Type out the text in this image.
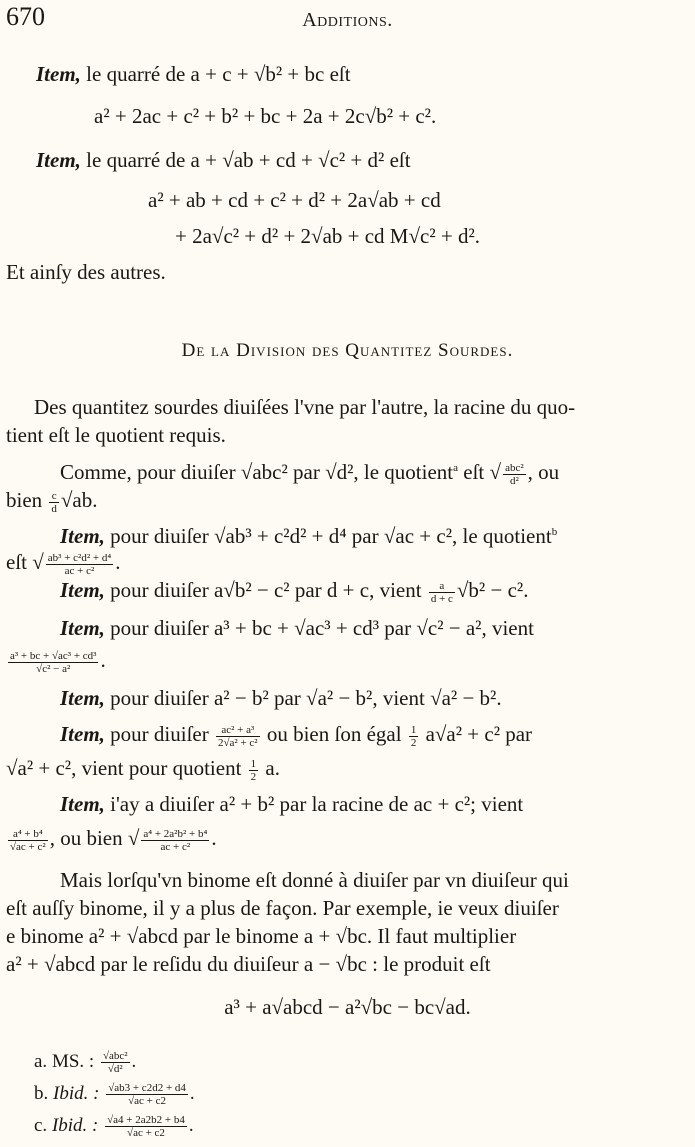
670	Additions.
Item, le quarré de a + c + √b² + bc eſt
a² + 2ac + c² + b² + bc + 2a + 2c√b² + c².
Item, le quarré de a + √ab + cd + √c² + d² eſt
a² + ab + cd + c² + d² + 2a√ab + cd
+ 2a√c² + d² + 2√ab + cd M√c² + d².
Et ainſy des autres.
De la Division des Quantitez Sourdes.
Des quantitez sourdes diuiſées l'vne par l'autre, la racine du quo-
tient eſt le quotient requis.
Comme, pour diuiſer √abc² par √d², le quotient$^a$ eſt √ abc²
d² , ou
bien $\frac{c}{d} √ab$.
Item, pour diuiſer √ab³ + c²d² + d⁴ par √ac + c², le quotient$^b$
eſt √ $\frac{\text{ab³ + c²d² + d⁴}}{\text{ac + c²}}$ .
Item, pour diuiſer a√b² − c² par d + c, vient $\frac{a}{d + c} √b^2 - c^2$.
Item, pour diuiſer a³ + bc + √ac³ + cd³ par √c² − a², vient
$\frac{\text{a³ + bc + √ac³ + cd³}}{\text{√c² − a²}}$ .
Item, pour diuiſer a² − b² par √a² − b², vient √a² − b².
Item, pour diuiſer $\frac{\text{ac² + a³}}{\text{2√a² + c²}}$ ou bien ſon égal $\frac{1}{2} a√a^2 + c^2$ par
√a² + c², vient pour quotient $\frac{1}{2} a$.
Item, i'ay a diuiſer a² + b² par la racine de ac + c²; vient
$\frac{\text{a⁴ + b⁴}}{\text{√ac + c²}}$ , ou bien √ $\frac{\text{a⁴ + 2a²b² + b⁴}}{\text{ac + c²}}$ .
Mais lorſqu'vn binome eſt donné à diuiſer par vn diuiſeur qui
eſt auſſy binome, il y a plus de façon. Par exemple, ie veux diuiſer
e binome a² + √abcd par le binome a + √bc. Il faut multiplier
a² + √abcd par le reſidu du diuiſeur a − √bc : le produit eſt
a³ + a√abcd − a²√bc − bc√ad.
a. MS. : √abc²
√d² .
b. Ibid. : $\frac{√ab3 + c2d2 + d4}{√ac + c2}$ .
c. Ibid. : $\frac{√a4 + 2a2b2 + b4}{√ac + c2}$ .
